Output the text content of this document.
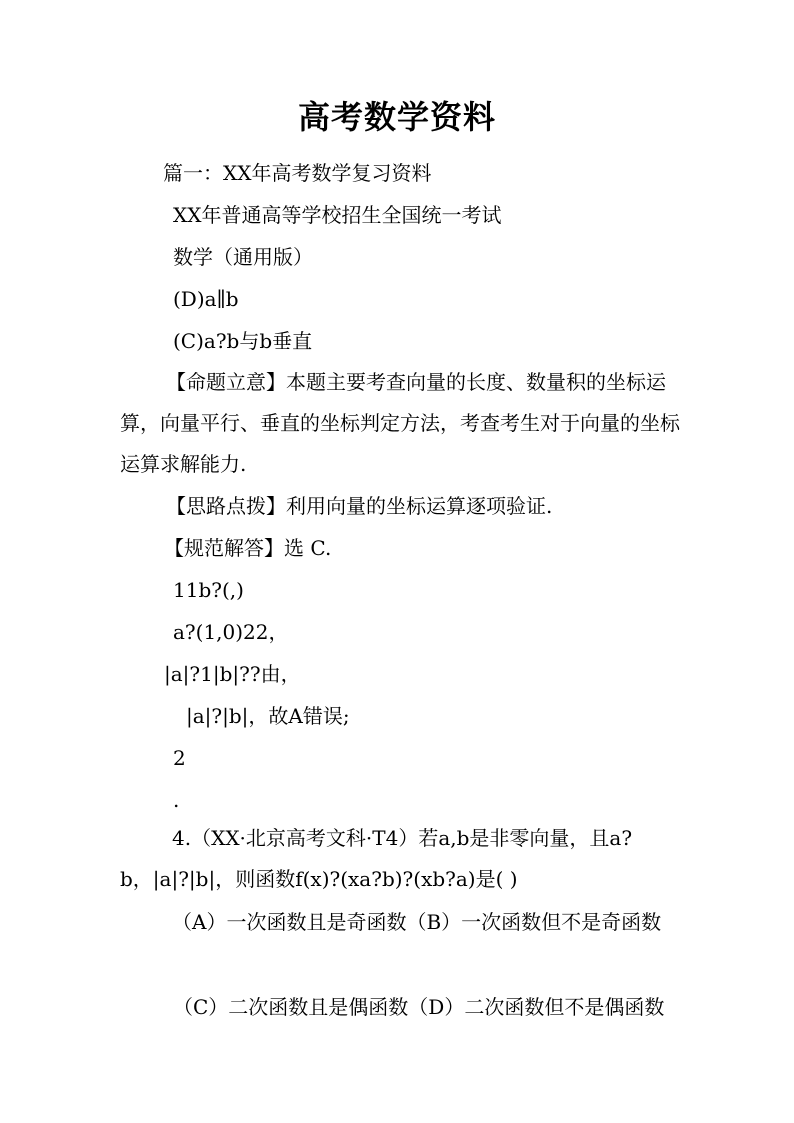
高考数学资料
篇一：XX年高考数学复习资料
XX年普通高等学校招生全国统一考试
数学（通用版）
(D)a∥b
(C)a?b与b垂直
【命题立意】本题主要考查向量的长度、数量积的坐标运算，向量平行、垂直的坐标判定方法，考查考生对于向量的坐标运算求解能力.
【思路点拨】利用向量的坐标运算逐项验证.
【规范解答】选 C.
11b?(,)
a?(1,0)22，
|a|?1|b|??由，
|a|?|b|，故A错误;
2
.
4.（XX·北京高考文科·T4）若a,b是非零向量，且a?b，|a|?|b|，则函数f(x)?(xa?b)?(xb?a)是( )
（A）一次函数且是奇函数（B）一次函数但不是奇函数
（C）二次函数且是偶函数（D）二次函数但不是偶函数
